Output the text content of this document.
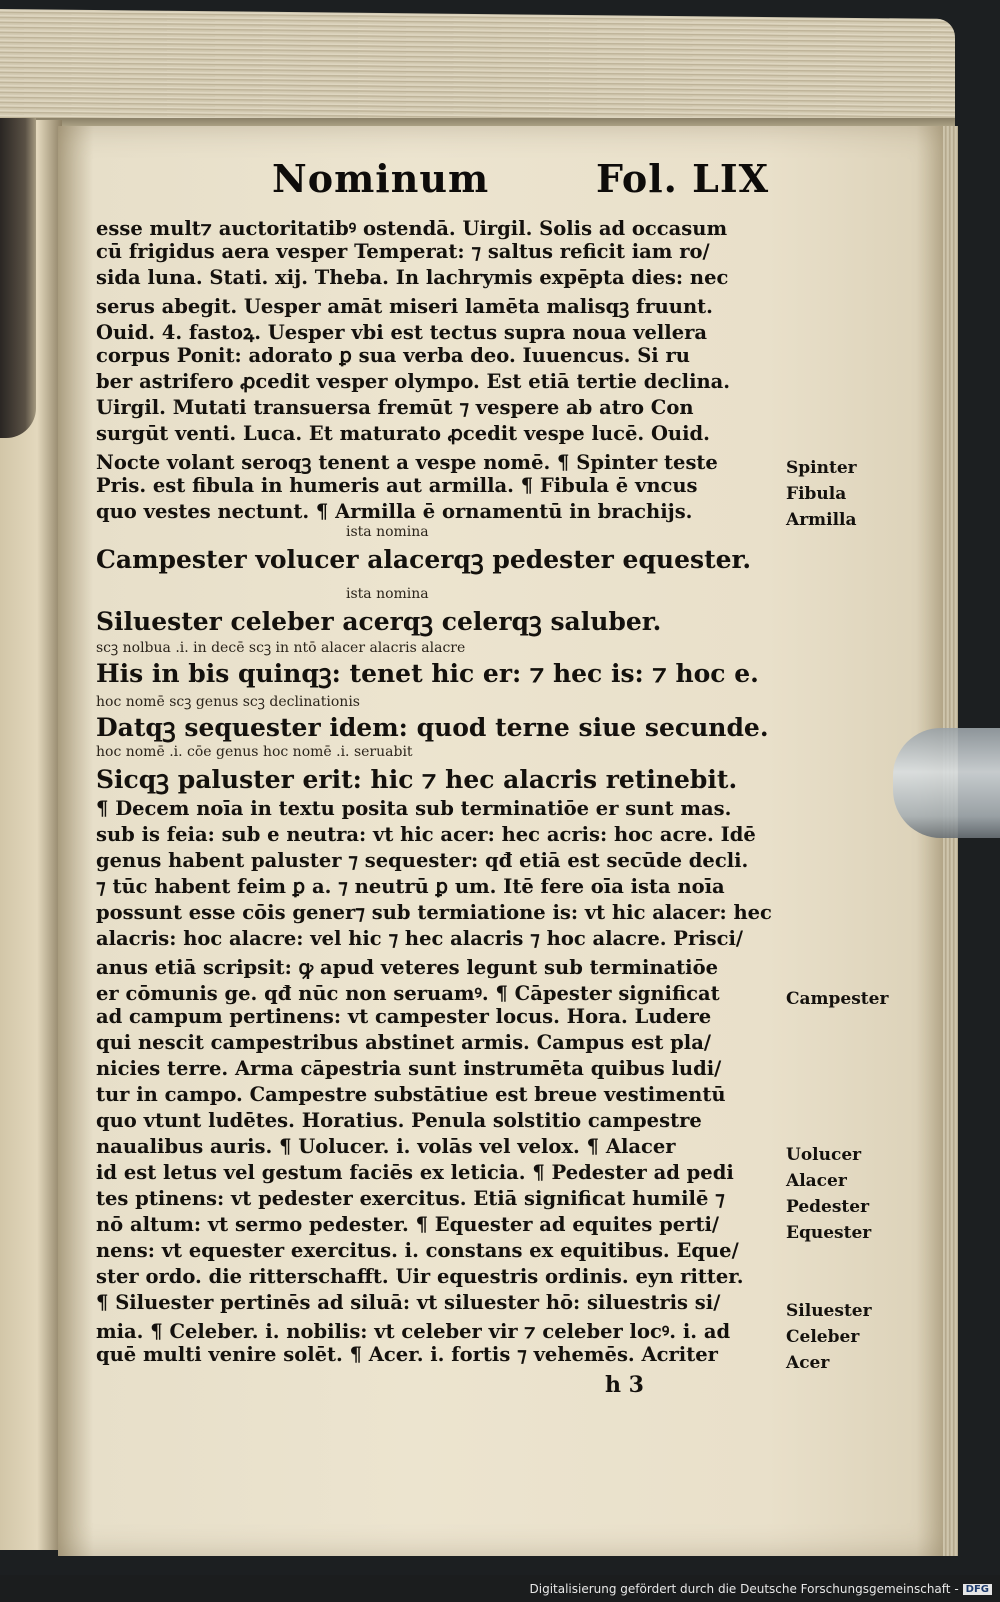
Nominum	Fol. LIX
esse mult⁊ auctoritatibꝰ ostendā. Uirgil. Solis ad occasum
cū frigidus aera vesper Temperat: ⁊ saltus reficit iam ro/
sida luna. Stati. xij. Theba. In lachrymis expēpta dies: nec
serus abegit. Uesper amāt miseri lamēta malisqꝫ fruunt.
Ouid. 4. fastoꝝ. Uesper vbi est tectus supra noua vellera
corpus Ponit: adorato ꝑ sua verba deo. Iuuencus. Si ru
ber astrifero ꝓcedit vesper olympo. Est etiā tertie declina.
Uirgil. Mutati transuersa fremūt ⁊ vespere ab atro Con
surgūt venti. Luca. Et maturato ꝓcedit vespe lucē. Ouid.
Nocte volant seroqꝫ tenent a vespe nomē. ¶ Spinter teste
Pris. est fibula in humeris aut armilla. ¶ Fibula ē vncus
quo vestes nectunt. ¶ Armilla ē ornamentū in brachijs.
ista nomina
Campester volucer alacerqꝫ pedester equester.
ista nomina
Siluester celeber acerqꝫ celerqꝫ saluber.
scꝫ nolbua .i. in decē scꝫ in ntō alacer alacris alacre
His in bis quinqꝫ: tenet hic er: ⁊ hec is: ⁊ hoc e.
hoc nomē scꝫ genus scꝫ declinationis
Datqꝫ sequester idem: quod terne siue secunde.
hoc nomē .i. cōe genus hoc nomē .i. seruabit
Sicqꝫ paluster erit: hic ⁊ hec alacris retinebit.
¶ Decem noīa in textu posita sub terminatiōe er sunt mas.
sub is feia: sub e neutra: vt hic acer: hec acris: hoc acre. Idē
genus habent paluster ⁊ sequester: qđ etiā est secūde decli.
⁊ tūc habent feim ꝑ a. ⁊ neutrū ꝑ um. Itē fere oīa ista noīa
possunt esse cōis gener⁊ sub termiatione is: vt hic alacer: hec
alacris: hoc alacre: vel hic ⁊ hec alacris ⁊ hoc alacre. Prisci/
anus etiā scripsit: ꝙ apud veteres legunt sub terminatiōe
er cōmunis ge. qđ nūc non seruamꝰ. ¶ Cāpester significat
ad campum pertinens: vt campester locus. Hora. Ludere
qui nescit campestribus abstinet armis. Campus est pla/
nicies terre. Arma cāpestria sunt instrumēta quibus ludi/
tur in campo. Campestre substātiue est breue vestimentū
quo vtunt ludētes. Horatius. Penula solstitio campestre
naualibus auris. ¶ Uolucer. i. volās vel velox. ¶ Alacer
id est letus vel gestum faciēs ex leticia. ¶ Pedester ad pedi
tes ptinens: vt pedester exercitus. Etiā significat humilē ⁊
nō altum: vt sermo pedester. ¶ Equester ad equites perti/
nens: vt equester exercitus. i. constans ex equitibus. Eque/
ster ordo. die ritterschafft. Uir equestris ordinis. eyn ritter.
¶ Siluester pertinēs ad siluā: vt siluester hō: siluestris si/
mia. ¶ Celeber. i. nobilis: vt celeber vir ⁊ celeber locꝰ. i. ad
quē multi venire solēt. ¶ Acer. i. fortis ⁊ vehemēs. Acriter
Spinter
Fibula
Armilla
Campester
Uolucer
Alacer
Pedester
Equester
Siluester
Celeber
Acer
h 3
Digitalisierung gefördert durch die Deutsche Forschungsgemeinschaft - DFG
